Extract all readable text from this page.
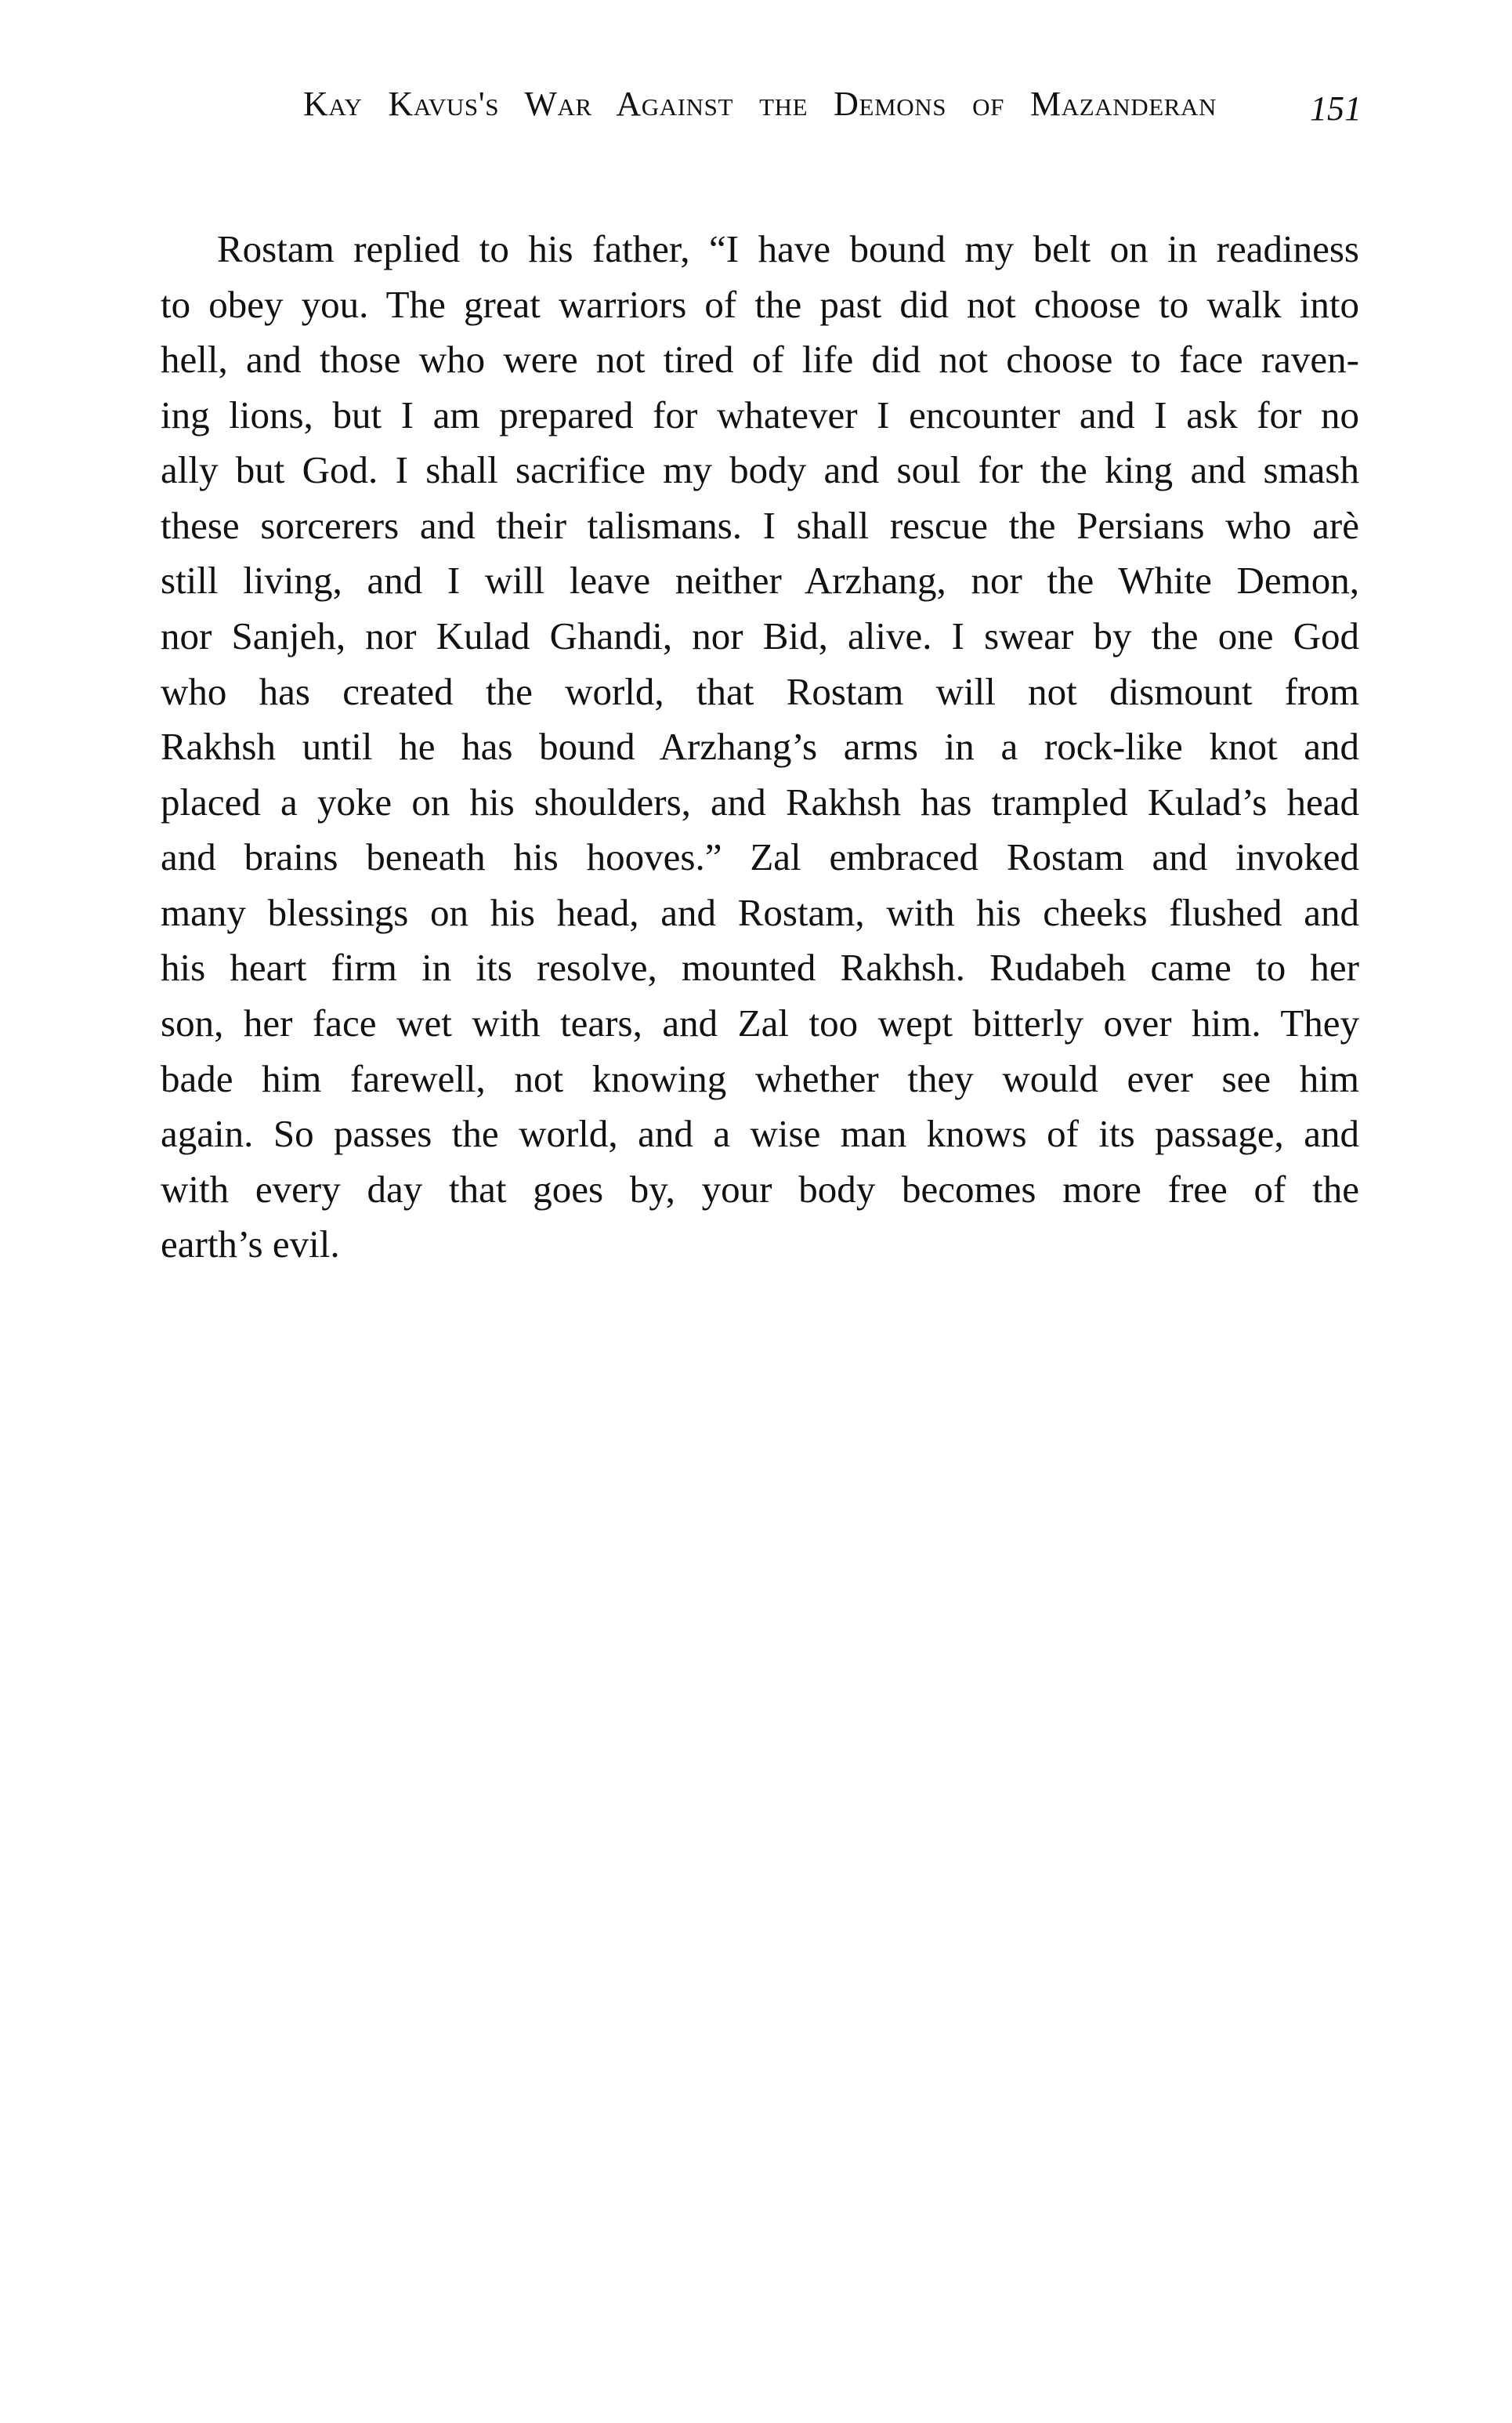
Kay Kavus's War Against the Demons of Mazanderan	151
Rostam replied to his father, “I have bound my belt on in readiness
to obey you. The great warriors of the past did not choose to walk into
hell, and those who were not tired of life did not choose to face raven-
ing lions, but I am prepared for whatever I encounter and I ask for no
ally but God. I shall sacrifice my body and soul for the king and smash
these sorcerers and their talismans. I shall rescue the Persians who arè
still living, and I will leave neither Arzhang, nor the White Demon,
nor Sanjeh, nor Kulad Ghandi, nor Bid, alive. I swear by the one God
who has created the world, that Rostam will not dismount from
Rakhsh until he has bound Arzhang’s arms in a rock-like knot and
placed a yoke on his shoulders, and Rakhsh has trampled Kulad’s head
and brains beneath his hooves.” Zal embraced Rostam and invoked
many blessings on his head, and Rostam, with his cheeks flushed and
his heart firm in its resolve, mounted Rakhsh. Rudabeh came to her
son, her face wet with tears, and Zal too wept bitterly over him. They
bade him farewell, not knowing whether they would ever see him
again. So passes the world, and a wise man knows of its passage, and
with every day that goes by, your body becomes more free of the
earth’s evil.
